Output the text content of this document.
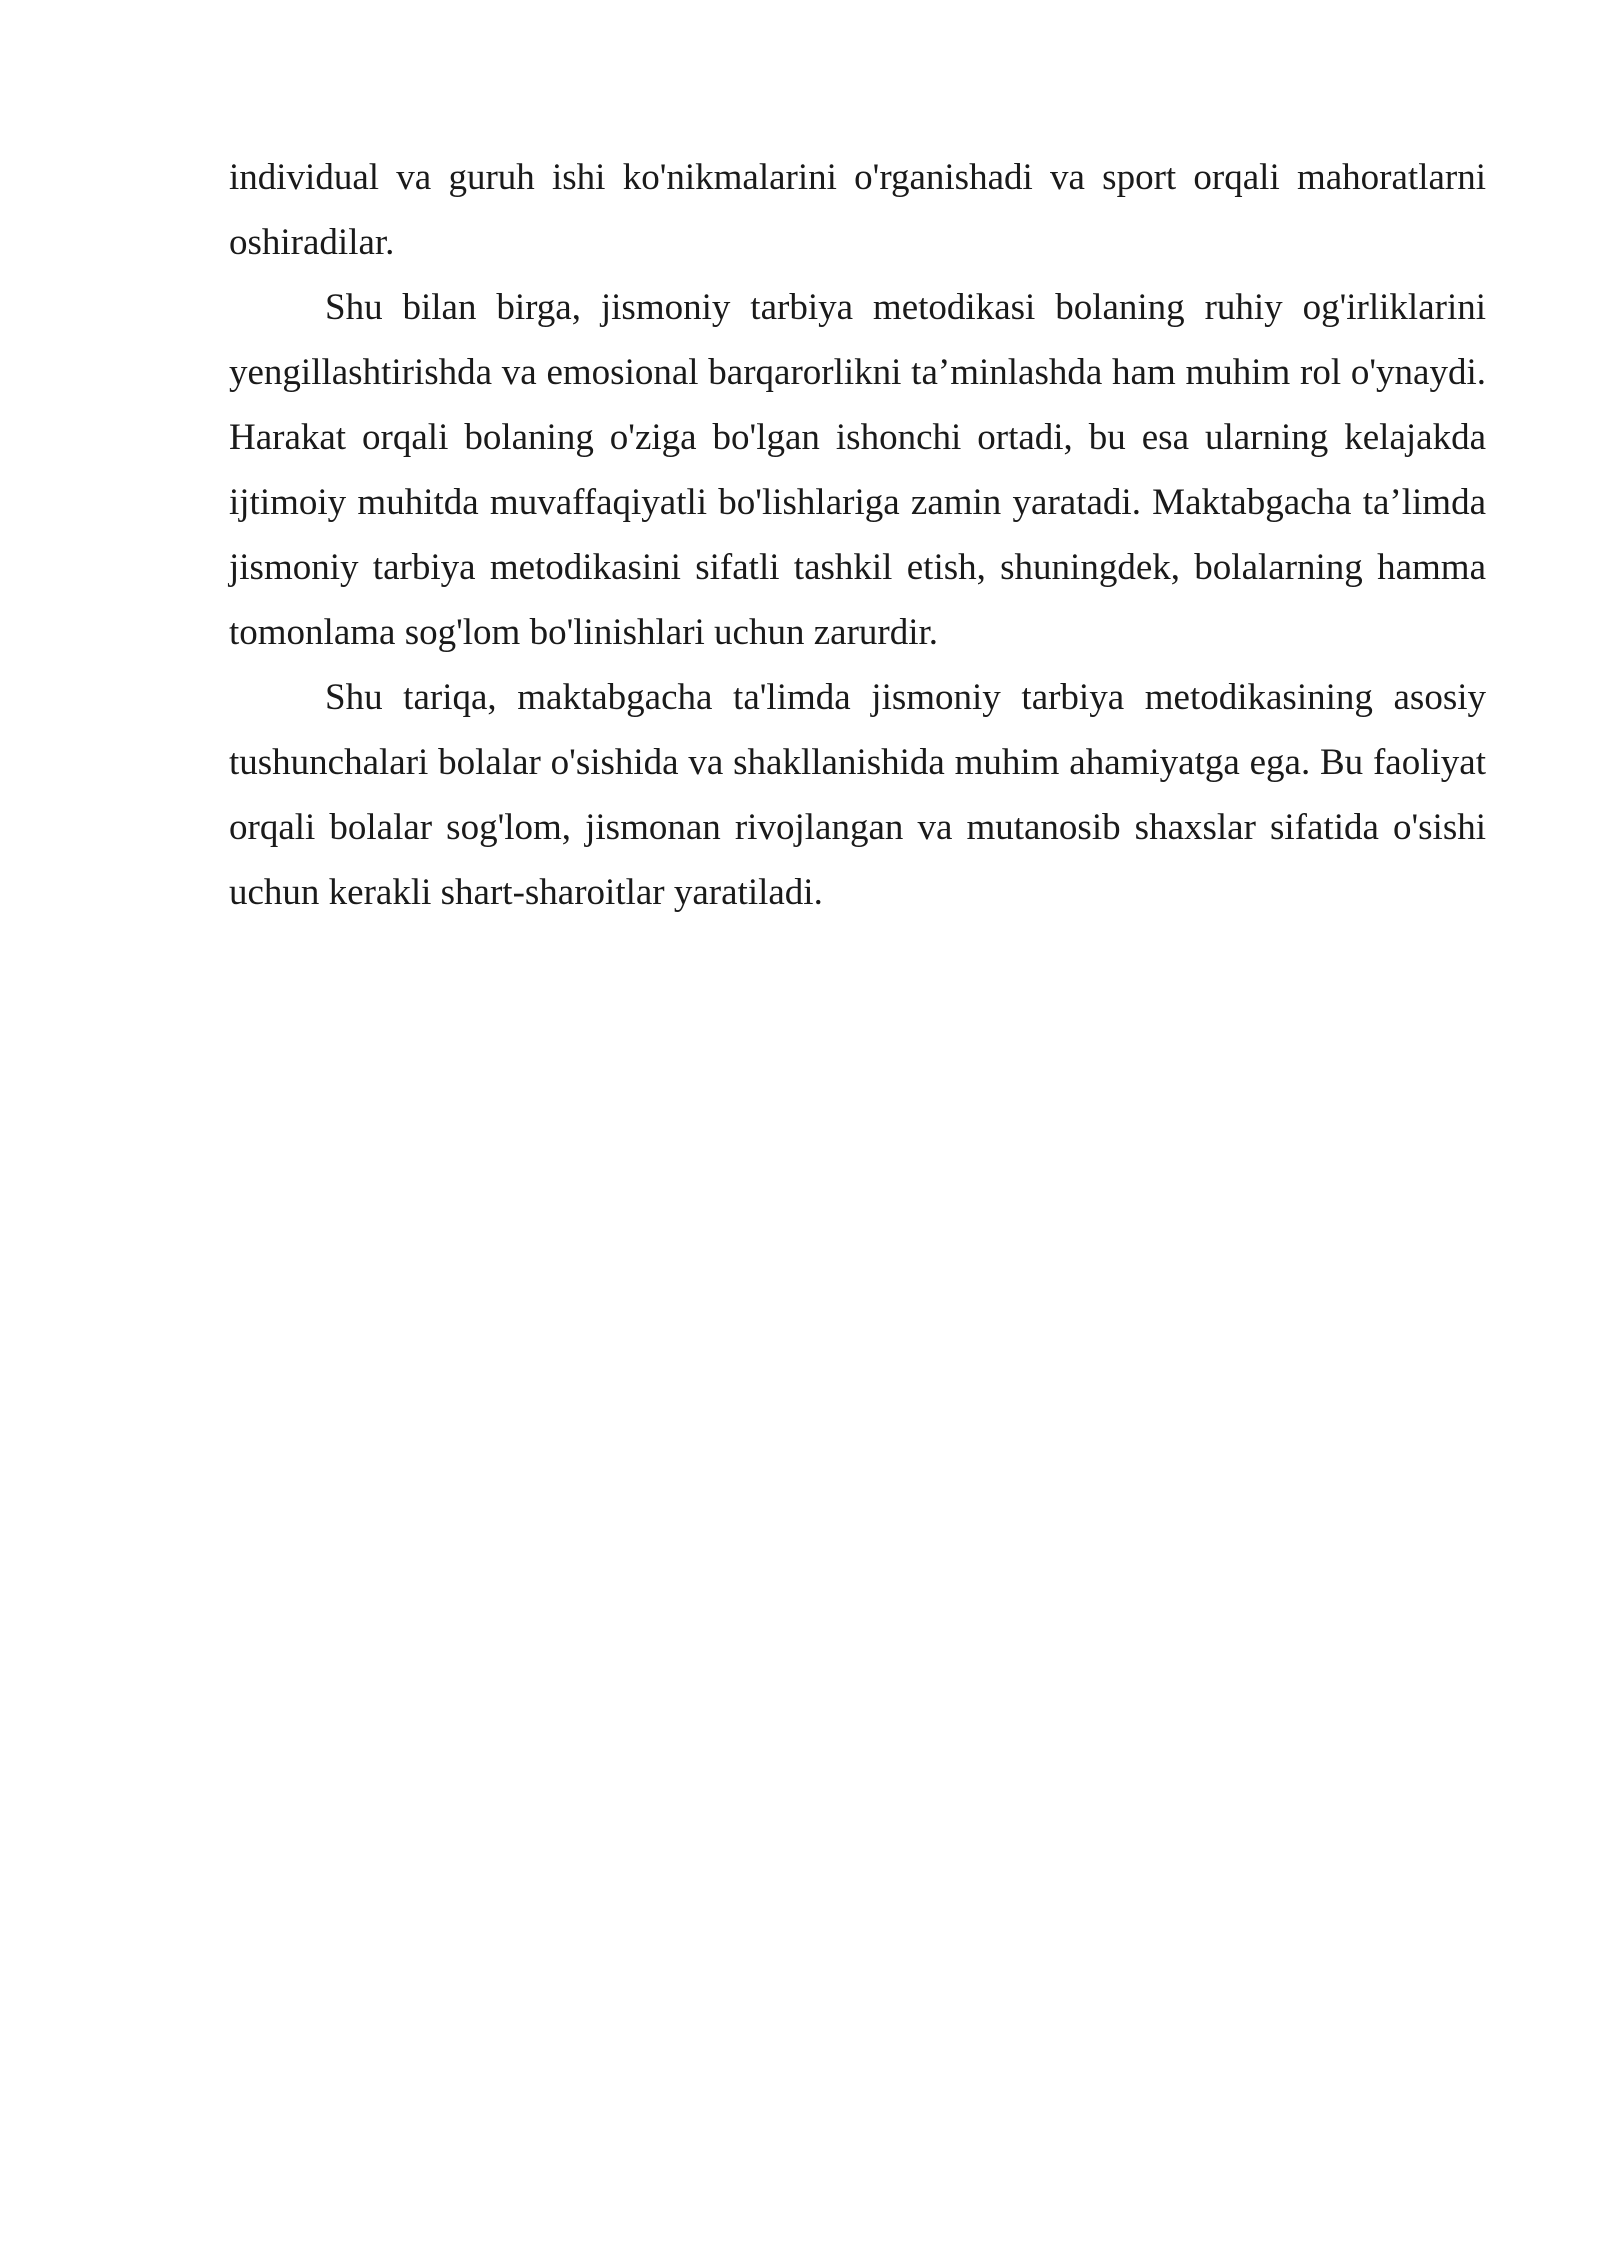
individual va guruh ishi ko'nikmalarini o'rganishadi va sport orqali mahoratlarni oshiradilar.

Shu bilan birga, jismoniy tarbiya metodikasi bolaning ruhiy og'irliklarini yengillashtirishda va emosional barqarorlikni ta’minlashda ham muhim rol o'ynaydi. Harakat orqali bolaning o'ziga bo'lgan ishonchi ortadi, bu esa ularning kelajakda ijtimoiy muhitda muvaffaqiyatli bo'lishlariga zamin yaratadi. Maktabgacha ta’limda jismoniy tarbiya metodikasini sifatli tashkil etish, shuningdek, bolalarning hamma tomonlama sog'lom bo'linishlari uchun zarurdir.

Shu tariqa, maktabgacha ta'limda jismoniy tarbiya metodikasining asosiy tushunchalari bolalar o'sishida va shakllanishida muhim ahamiyatga ega. Bu faoliyat orqali bolalar sog'lom, jismonan rivojlangan va mutanosib shaxslar sifatida o'sishi uchun kerakli shart-sharoitlar yaratiladi.
